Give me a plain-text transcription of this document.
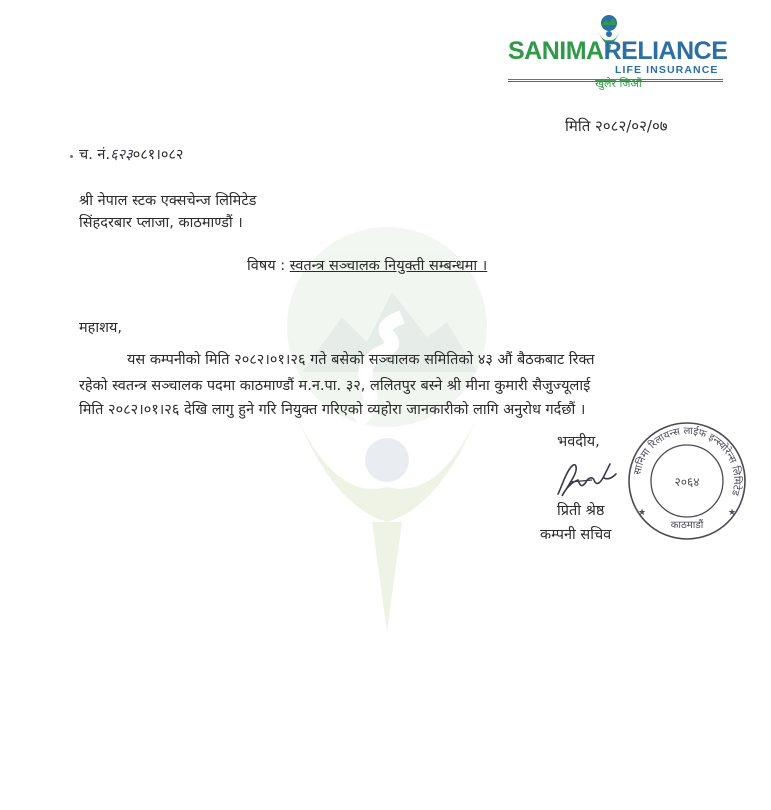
SANIMARELIANCE
LIFE INSURANCE
खुलेर जिऔं
मिति २०८२/०२/०७
च. नं.६२३०८१।०८२
श्री नेपाल स्टक एक्सचेन्ज लिमिटेड
सिंहदरबार प्लाजा, काठमाण्डौं ।
विषय : स्वतन्त्र सञ्चालक नियुक्ती सम्बन्धमा ।
महाशय,
यस कम्पनीको मिति २०८२।०१।२६ गते बसेको सञ्चालक समितिको ४३ औं बैठकबाट रिक्त
रहेको स्वतन्त्र सञ्चालक पदमा काठमाण्डौं म.न.पा. ३२, ललितपुर बस्ने श्री मीना कुमारी सैजुज्यूलाई
मिति २०८२।०१।२६ देखि लागु हुने गरि नियुक्त गरिएको व्यहोरा जानकारीको लागि अनुरोध गर्दछौं ।
भवदीय,
प्रिती श्रेष्ठ
कम्पनी सचिव
सानिमा रिलायन्स लाईफ इन्स्योरेन्स लिमिटेड
२०६४
काठमाडौं
★	★
